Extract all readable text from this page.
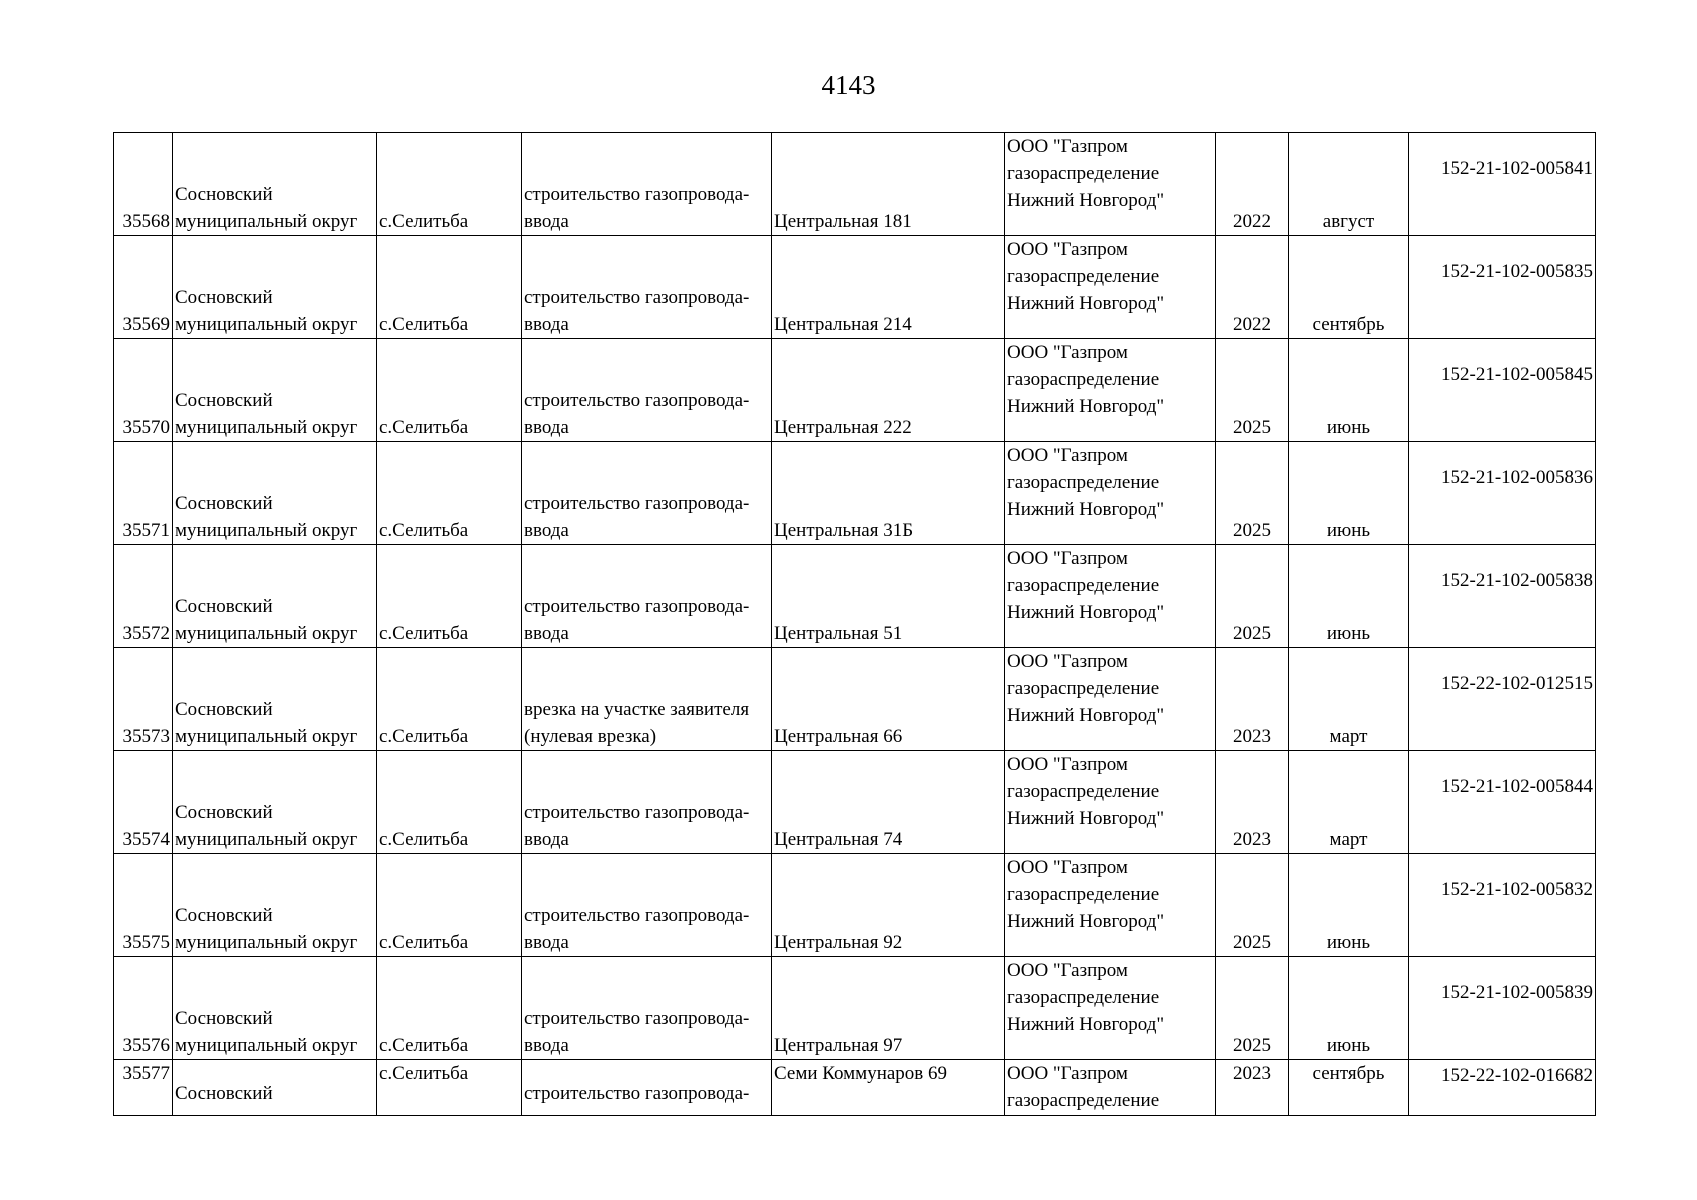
4143
35568	Сосновский
муниципальный округ	с.Селитьба	строительство газопровода-
ввода	Центральная 181	ООО "Газпром
газораспределение
Нижний Новгород"	2022	август	152-21-102-005841
35569	Сосновский
муниципальный округ	с.Селитьба	строительство газопровода-
ввода	Центральная 214	ООО "Газпром
газораспределение
Нижний Новгород"	2022	сентябрь	152-21-102-005835
35570	Сосновский
муниципальный округ	с.Селитьба	строительство газопровода-
ввода	Центральная 222	ООО "Газпром
газораспределение
Нижний Новгород"	2025	июнь	152-21-102-005845
35571	Сосновский
муниципальный округ	с.Селитьба	строительство газопровода-
ввода	Центральная 31Б	ООО "Газпром
газораспределение
Нижний Новгород"	2025	июнь	152-21-102-005836
35572	Сосновский
муниципальный округ	с.Селитьба	строительство газопровода-
ввода	Центральная 51	ООО "Газпром
газораспределение
Нижний Новгород"	2025	июнь	152-21-102-005838
35573	Сосновский
муниципальный округ	с.Селитьба	врезка на участке заявителя
(нулевая врезка)	Центральная 66	ООО "Газпром
газораспределение
Нижний Новгород"	2023	март	152-22-102-012515
35574	Сосновский
муниципальный округ	с.Селитьба	строительство газопровода-
ввода	Центральная 74	ООО "Газпром
газораспределение
Нижний Новгород"	2023	март	152-21-102-005844
35575	Сосновский
муниципальный округ	с.Селитьба	строительство газопровода-
ввода	Центральная 92	ООО "Газпром
газораспределение
Нижний Новгород"	2025	июнь	152-21-102-005832
35576	Сосновский
муниципальный округ	с.Селитьба	строительство газопровода-
ввода	Центральная 97	ООО "Газпром
газораспределение
Нижний Новгород"	2025	июнь	152-21-102-005839
35577	Сосновский	с.Селитьба	строительство газопровода-	Семи Коммунаров 69	ООО "Газпром
газораспределение	2023	сентябрь	152-22-102-016682
